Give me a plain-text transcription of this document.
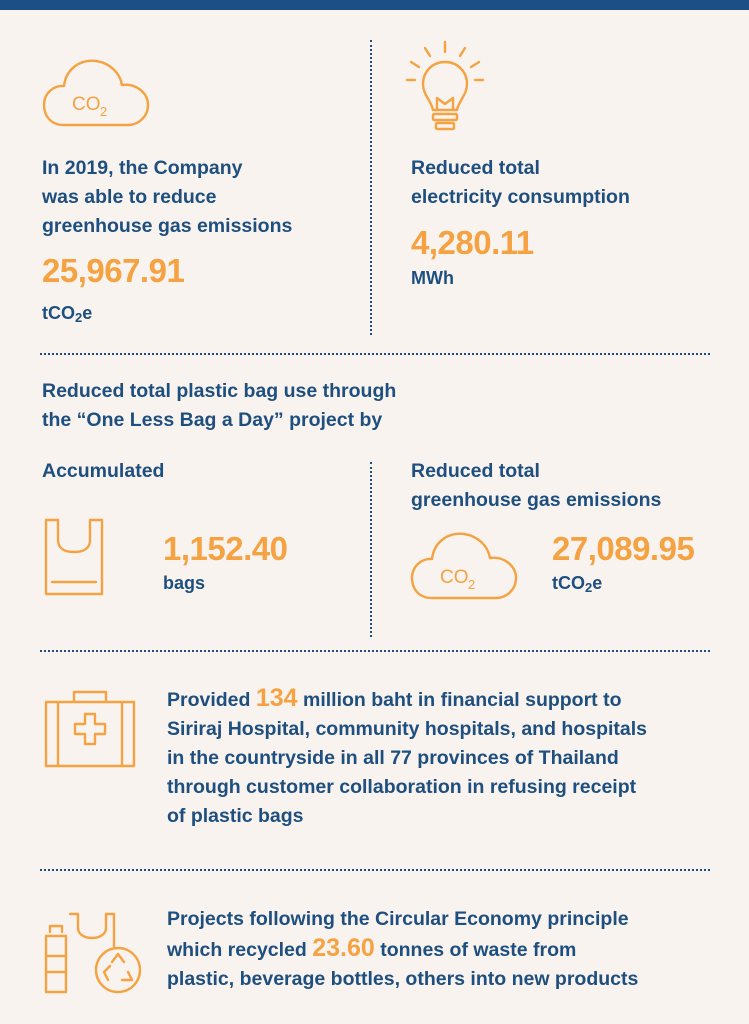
CO 2
In 2019, the Company
was able to reduce
greenhouse gas emissions
25,967.91
tCO$_2$e
Reduced total
electricity consumption
4,280.11
MWh
Reduced total plastic bag use through
the “One Less Bag a Day” project by
Accumulated
1,152.40
bags
Reduced total
greenhouse gas emissions
CO 2
27,089.95
tCO$_2$e
Provided 134 million baht in financial support to
Siriraj Hospital, community hospitals, and hospitals
in the countryside in all 77 provinces of Thailand
through customer collaboration in refusing receipt
of plastic bags
Projects following the Circular Economy principle
which recycled 23.60 tonnes of waste from
plastic, beverage bottles, others into new products
